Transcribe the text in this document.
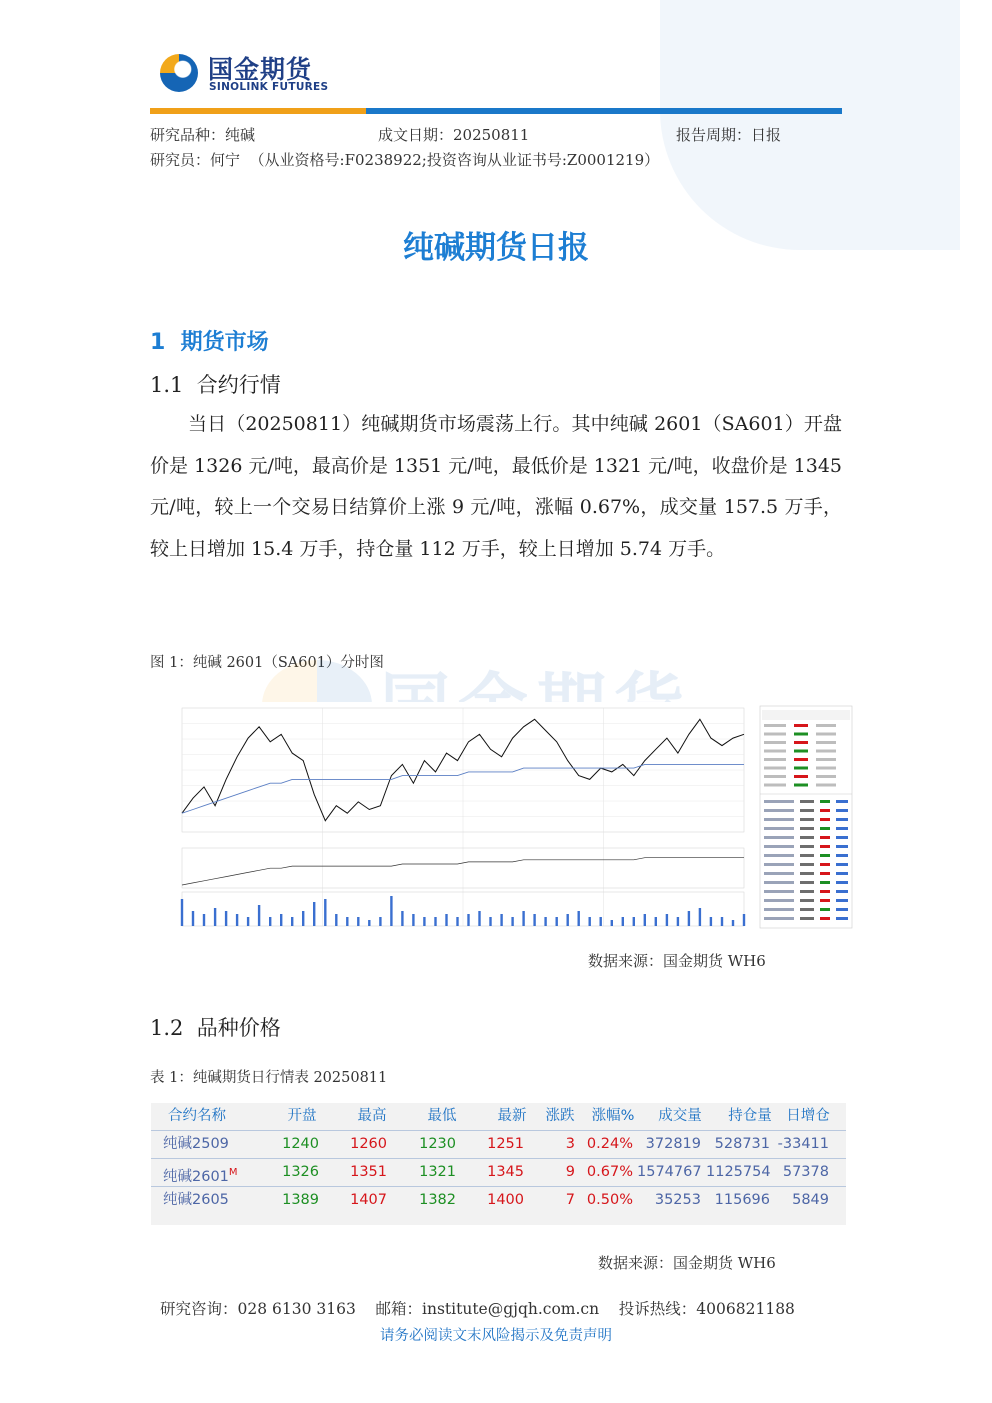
国金期货
SINOLINK FUTURES
研究品种：纯碱	成文日期：20250811	报告周期：日报
研究员：何宁  （从业资格号:F0238922;投资咨询从业证书号:Z0001219）
纯碱期货日报
1  期货市场
1.1  合约行情
当日（20250811）纯碱期货市场震荡上行。其中纯碱 2601（SA601）开盘价是 1326 元/吨，最高价是 1351 元/吨，最低价是 1321 元/吨，收盘价是 1345 元/吨，较上一个交易日结算价上涨 9 元/吨，涨幅 0.67%，成交量 157.5 万手，较上日增加 15.4 万手，持仓量 112 万手，较上日增加 5.74 万手。
图 1：纯碱 2601（SA601）分时图
数据来源：国金期货 WH6
1.2  品种价格
表 1：纯碱期货日行情表 20250811
合约名称	开盘	最高	最低	最新	涨跌	涨幅%	成交量	持仓量	日增仓
纯碱2509	1240	1260	1230	1251	3 0.24% 372819 528731 -33411
纯碱$2601^M$	1326	1351	1321	1345	9 0.67% 1574767 1125754 57378
纯碱2605	1389	1407	1382	1400	7 0.50%	35253 115696	5849
数据来源：国金期货 WH6
研究咨询：028 6130 3163    邮箱：institute@gjqh.com.cn    投诉热线：4006821188
请务必阅读文末风险揭示及免责声明
